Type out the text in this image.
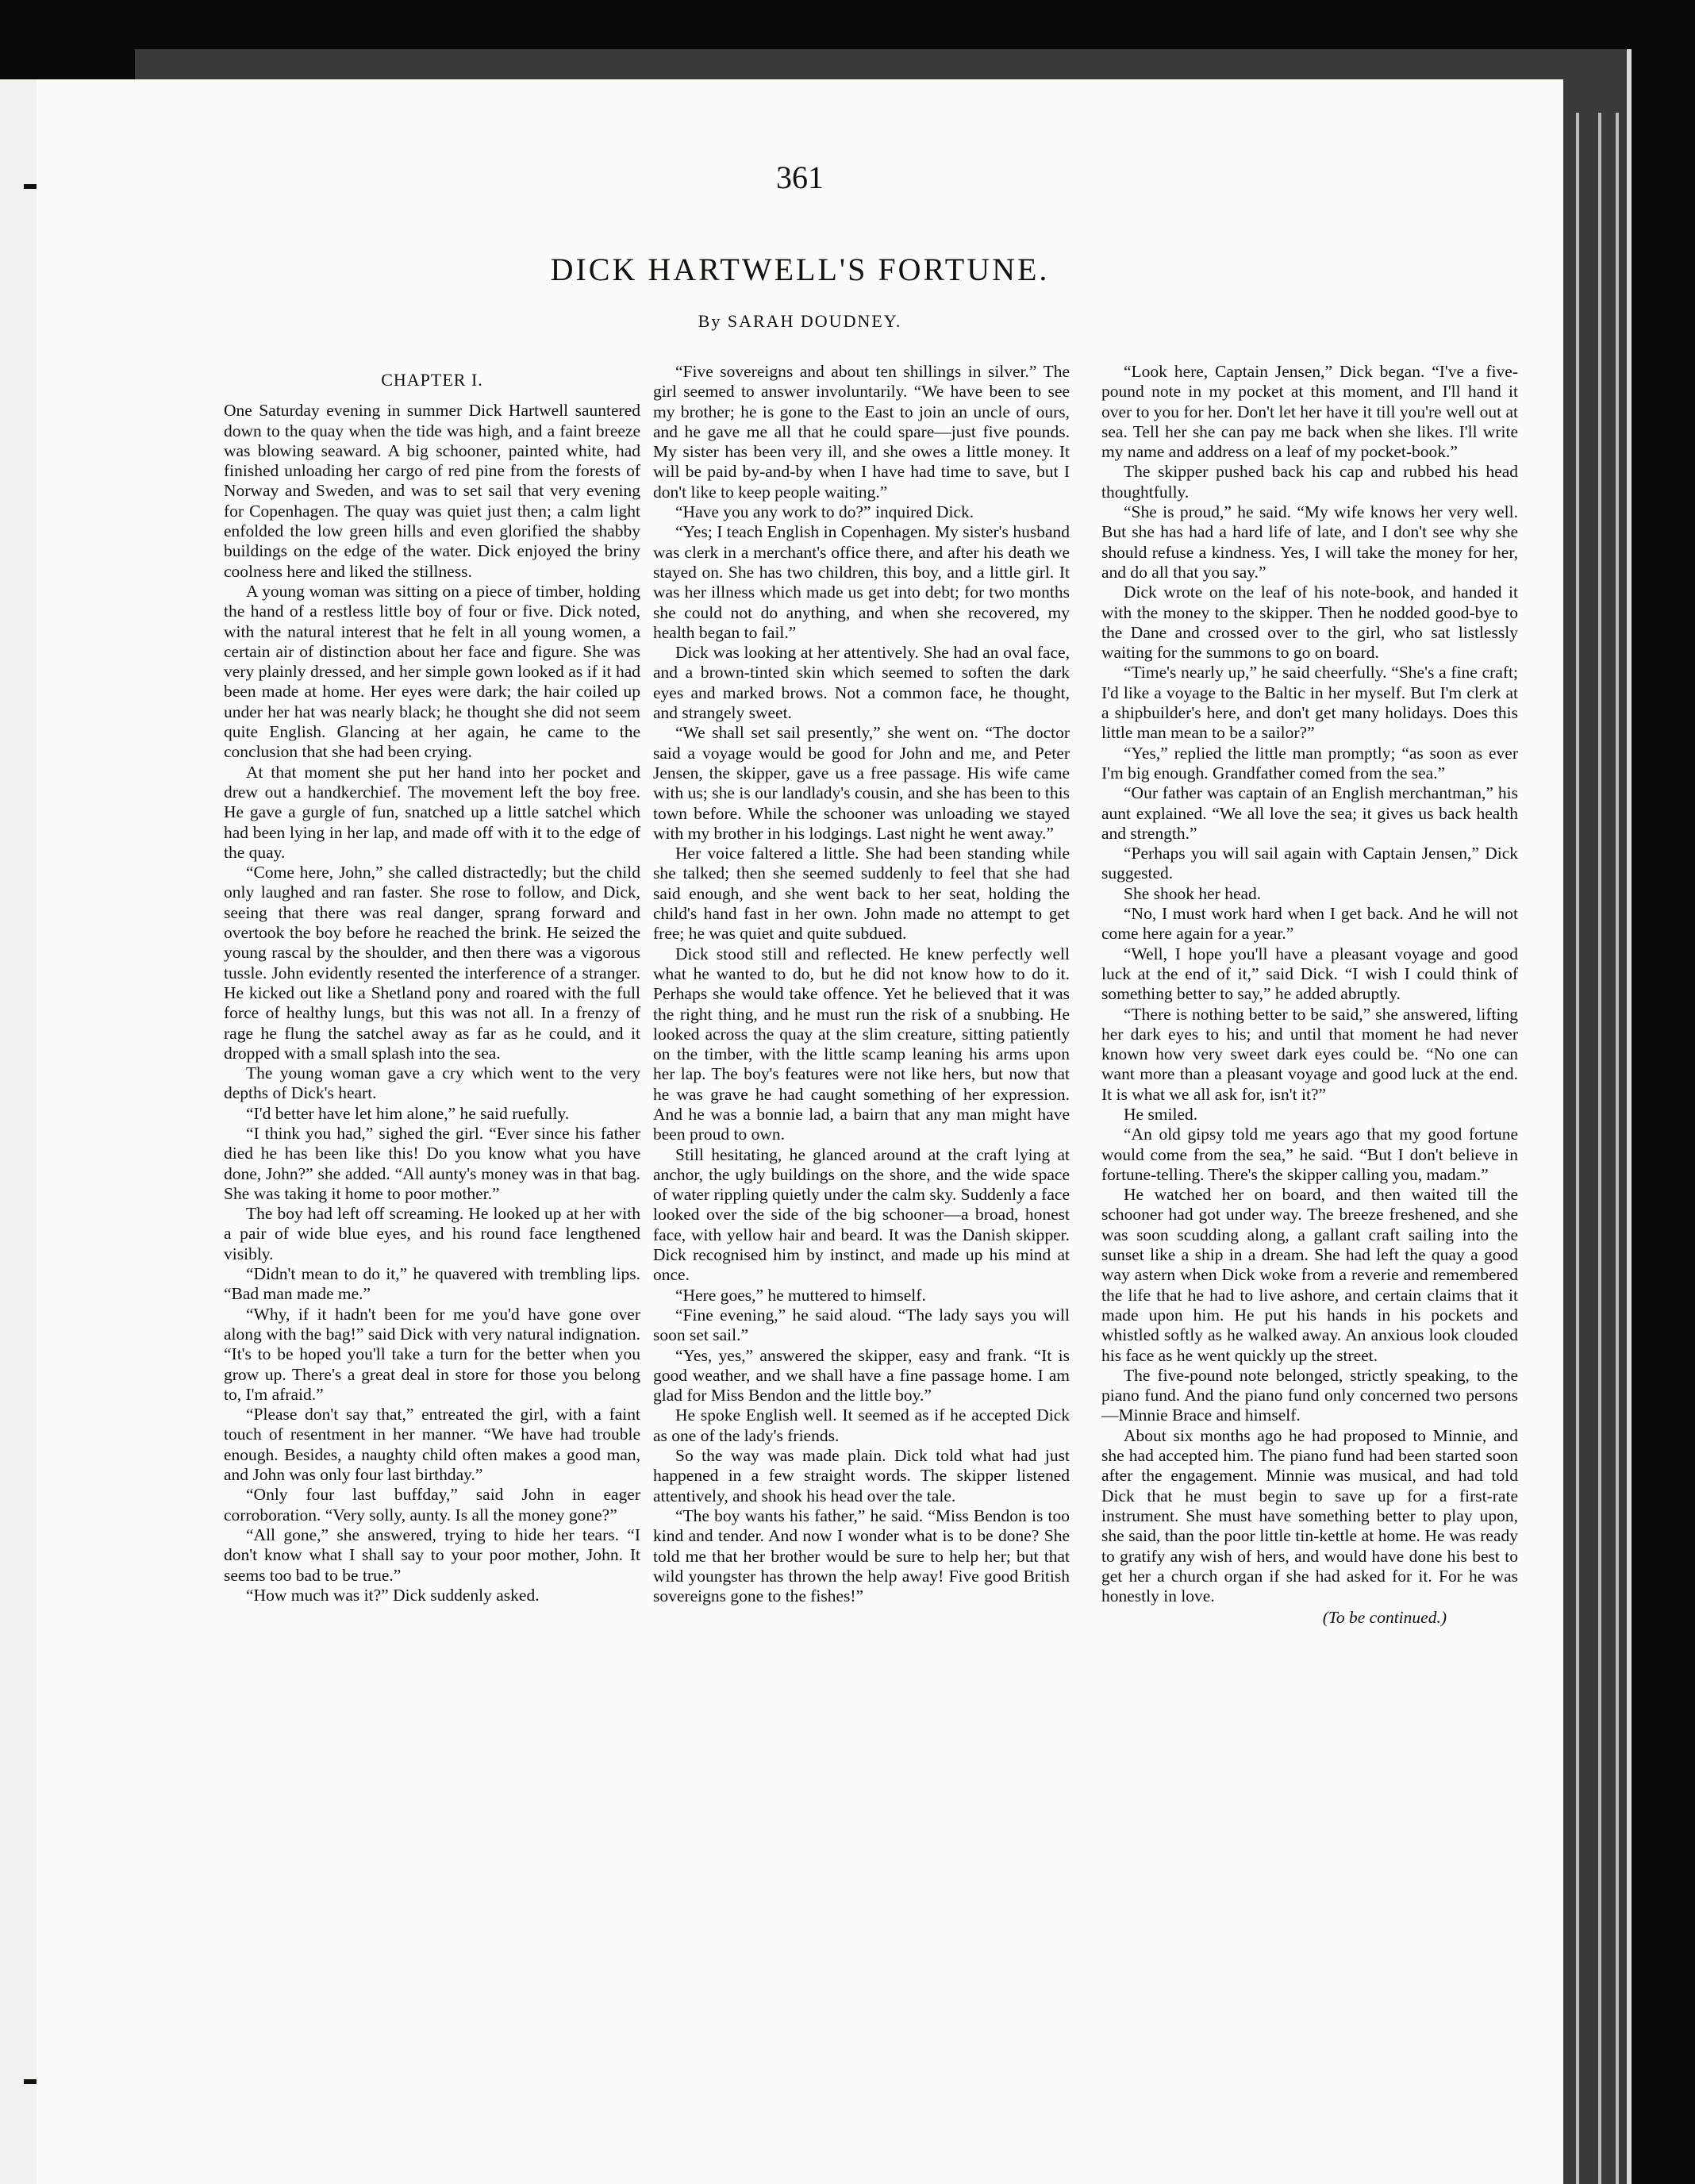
361
DICK HARTWELL'S FORTUNE.
By SARAH DOUDNEY.
CHAPTER I.

One Saturday evening in summer Dick Hartwell sauntered down to the quay when the tide was high, and a faint breeze was blowing seaward. A big schooner, painted white, had finished unloading her cargo of red pine from the forests of Norway and Sweden, and was to set sail that very evening for Copenhagen. The quay was quiet just then; a calm light enfolded the low green hills and even glorified the shabby buildings on the edge of the water. Dick enjoyed the briny coolness here and liked the stillness.

A young woman was sitting on a piece of timber, holding the hand of a restless little boy of four or five. Dick noted, with the natural interest that he felt in all young women, a certain air of distinction about her face and figure. She was very plainly dressed, and her simple gown looked as if it had been made at home. Her eyes were dark; the hair coiled up under her hat was nearly black; he thought she did not seem quite English. Glancing at her again, he came to the conclusion that she had been crying.

At that moment she put her hand into her pocket and drew out a handkerchief. The movement left the boy free. He gave a gurgle of fun, snatched up a little satchel which had been lying in her lap, and made off with it to the edge of the quay.

“Come here, John,” she called distractedly; but the child only laughed and ran faster. She rose to follow, and Dick, seeing that there was real danger, sprang forward and overtook the boy before he reached the brink. He seized the young rascal by the shoulder, and then there was a vigorous tussle. John evidently resented the interference of a stranger. He kicked out like a Shetland pony and roared with the full force of healthy lungs, but this was not all. In a frenzy of rage he flung the satchel away as far as he could, and it dropped with a small splash into the sea.

The young woman gave a cry which went to the very depths of Dick's heart.

“I'd better have let him alone,” he said ruefully.

“I think you had,” sighed the girl. “Ever since his father died he has been like this! Do you know what you have done, John?” she added. “All aunty's money was in that bag. She was taking it home to poor mother.”

The boy had left off screaming. He looked up at her with a pair of wide blue eyes, and his round face lengthened visibly.

“Didn't mean to do it,” he quavered with trembling lips. “Bad man made me.”

“Why, if it hadn't been for me you'd have gone over along with the bag!” said Dick with very natural indignation. “It's to be hoped you'll take a turn for the better when you grow up. There's a great deal in store for those you belong to, I'm afraid.”

“Please don't say that,” entreated the girl, with a faint touch of resentment in her manner. “We have had trouble enough. Besides, a naughty child often makes a good man, and John was only four last birthday.”

“Only four last buffday,” said John in eager corroboration. “Very solly, aunty. Is all the money gone?”

“All gone,” she answered, trying to hide her tears. “I don't know what I shall say to your poor mother, John. It seems too bad to be true.”

“How much was it?” Dick suddenly asked.

“Five sovereigns and about ten shillings in silver.” The girl seemed to answer involuntarily. “We have been to see my brother; he is gone to the East to join an uncle of ours, and he gave me all that he could spare—just five pounds. My sister has been very ill, and she owes a little money. It will be paid by-and-by when I have had time to save, but I don't like to keep people waiting.”

“Have you any work to do?” inquired Dick.

“Yes; I teach English in Copenhagen. My sister's husband was clerk in a merchant's office there, and after his death we stayed on. She has two children, this boy, and a little girl. It was her illness which made us get into debt; for two months she could not do anything, and when she recovered, my health began to fail.”

Dick was looking at her attentively. She had an oval face, and a brown-tinted skin which seemed to soften the dark eyes and marked brows. Not a common face, he thought, and strangely sweet.

“We shall set sail presently,” she went on. “The doctor said a voyage would be good for John and me, and Peter Jensen, the skipper, gave us a free passage. His wife came with us; she is our landlady's cousin, and she has been to this town before. While the schooner was unloading we stayed with my brother in his lodgings. Last night he went away.”

Her voice faltered a little. She had been standing while she talked; then she seemed suddenly to feel that she had said enough, and she went back to her seat, holding the child's hand fast in her own. John made no attempt to get free; he was quiet and quite subdued.

Dick stood still and reflected. He knew perfectly well what he wanted to do, but he did not know how to do it. Perhaps she would take offence. Yet he believed that it was the right thing, and he must run the risk of a snubbing. He looked across the quay at the slim creature, sitting patiently on the timber, with the little scamp leaning his arms upon her lap. The boy's features were not like hers, but now that he was grave he had caught something of her expression. And he was a bonnie lad, a bairn that any man might have been proud to own.

Still hesitating, he glanced around at the craft lying at anchor, the ugly buildings on the shore, and the wide space of water rippling quietly under the calm sky. Suddenly a face looked over the side of the big schooner—a broad, honest face, with yellow hair and beard. It was the Danish skipper. Dick recognised him by instinct, and made up his mind at once.

“Here goes,” he muttered to himself.

“Fine evening,” he said aloud. “The lady says you will soon set sail.”

“Yes, yes,” answered the skipper, easy and frank. “It is good weather, and we shall have a fine passage home. I am glad for Miss Bendon and the little boy.”

He spoke English well. It seemed as if he accepted Dick as one of the lady's friends.

So the way was made plain. Dick told what had just happened in a few straight words. The skipper listened attentively, and shook his head over the tale.

“The boy wants his father,” he said. “Miss Bendon is too kind and tender. And now I wonder what is to be done? She told me that her brother would be sure to help her; but that wild youngster has thrown the help away! Five good British sovereigns gone to the fishes!”

“Look here, Captain Jensen,” Dick began. “I've a five-pound note in my pocket at this moment, and I'll hand it over to you for her. Don't let her have it till you're well out at sea. Tell her she can pay me back when she likes. I'll write my name and address on a leaf of my pocket-book.”

The skipper pushed back his cap and rubbed his head thoughtfully.

“She is proud,” he said. “My wife knows her very well. But she has had a hard life of late, and I don't see why she should refuse a kindness. Yes, I will take the money for her, and do all that you say.”

Dick wrote on the leaf of his note-book, and handed it with the money to the skipper. Then he nodded good-bye to the Dane and crossed over to the girl, who sat listlessly waiting for the summons to go on board.

“Time's nearly up,” he said cheerfully. “She's a fine craft; I'd like a voyage to the Baltic in her myself. But I'm clerk at a shipbuilder's here, and don't get many holidays. Does this little man mean to be a sailor?”

“Yes,” replied the little man promptly; “as soon as ever I'm big enough. Grandfather comed from the sea.”

“Our father was captain of an English merchantman,” his aunt explained. “We all love the sea; it gives us back health and strength.”

“Perhaps you will sail again with Captain Jensen,” Dick suggested.

She shook her head.

“No, I must work hard when I get back. And he will not come here again for a year.”

“Well, I hope you'll have a pleasant voyage and good luck at the end of it,” said Dick. “I wish I could think of something better to say,” he added abruptly.

“There is nothing better to be said,” she answered, lifting her dark eyes to his; and until that moment he had never known how very sweet dark eyes could be. “No one can want more than a pleasant voyage and good luck at the end. It is what we all ask for, isn't it?”

He smiled.

“An old gipsy told me years ago that my good fortune would come from the sea,” he said. “But I don't believe in fortune-telling. There's the skipper calling you, madam.”

He watched her on board, and then waited till the schooner had got under way. The breeze freshened, and she was soon scudding along, a gallant craft sailing into the sunset like a ship in a dream. She had left the quay a good way astern when Dick woke from a reverie and remembered the life that he had to live ashore, and certain claims that it made upon him. He put his hands in his pockets and whistled softly as he walked away. An anxious look clouded his face as he went quickly up the street.

The five-pound note belonged, strictly speaking, to the piano fund. And the piano fund only concerned two persons—Minnie Brace and himself.

About six months ago he had proposed to Minnie, and she had accepted him. The piano fund had been started soon after the engagement. Minnie was musical, and had told Dick that he must begin to save up for a first-rate instrument. She must have something better to play upon, she said, than the poor little tin-kettle at home. He was ready to gratify any wish of hers, and would have done his best to get her a church organ if she had asked for it. For he was honestly in love.

(To be continued.)
